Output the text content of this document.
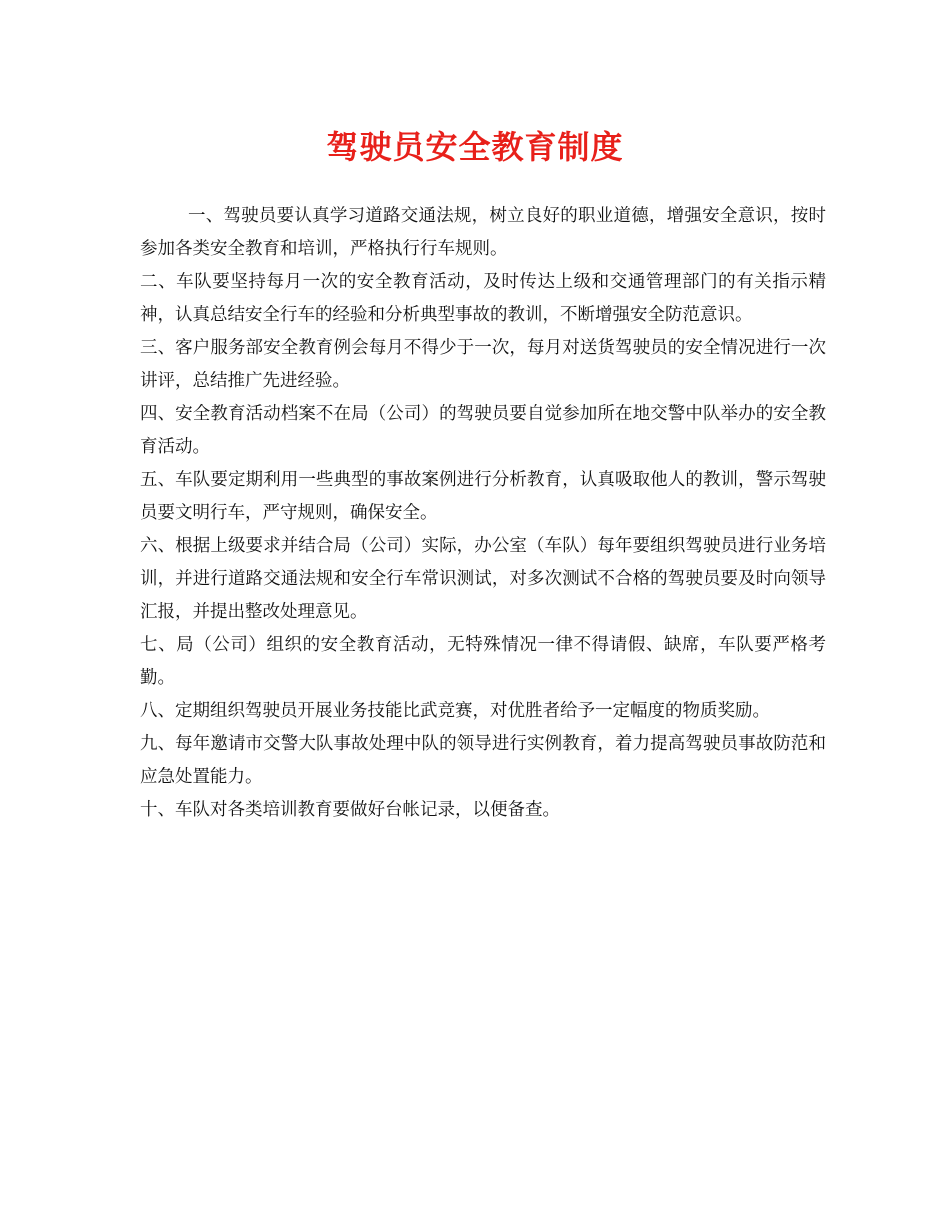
驾驶员安全教育制度

一、驾驶员要认真学习道路交通法规，树立良好的职业道德，增强安全意识，按时参加各类安全教育和培训，严格执行行车规则。

二、车队要坚持每月一次的安全教育活动，及时传达上级和交通管理部门的有关指示精神，认真总结安全行车的经验和分析典型事故的教训，不断增强安全防范意识。

三、客户服务部安全教育例会每月不得少于一次，每月对送货驾驶员的安全情况进行一次讲评，总结推广先进经验。

四、安全教育活动档案不在局（公司）的驾驶员要自觉参加所在地交警中队举办的安全教育活动。

五、车队要定期利用一些典型的事故案例进行分析教育，认真吸取他人的教训，警示驾驶员要文明行车，严守规则，确保安全。

六、根据上级要求并结合局（公司）实际，办公室（车队）每年要组织驾驶员进行业务培训，并进行道路交通法规和安全行车常识测试，对多次测试不合格的驾驶员要及时向领导汇报，并提出整改处理意见。

七、局（公司）组织的安全教育活动，无特殊情况一律不得请假、缺席，车队要严格考勤。

八、定期组织驾驶员开展业务技能比武竞赛，对优胜者给予一定幅度的物质奖励。

九、每年邀请市交警大队事故处理中队的领导进行实例教育，着力提高驾驶员事故防范和应急处置能力。

十、车队对各类培训教育要做好台帐记录，以便备查。
